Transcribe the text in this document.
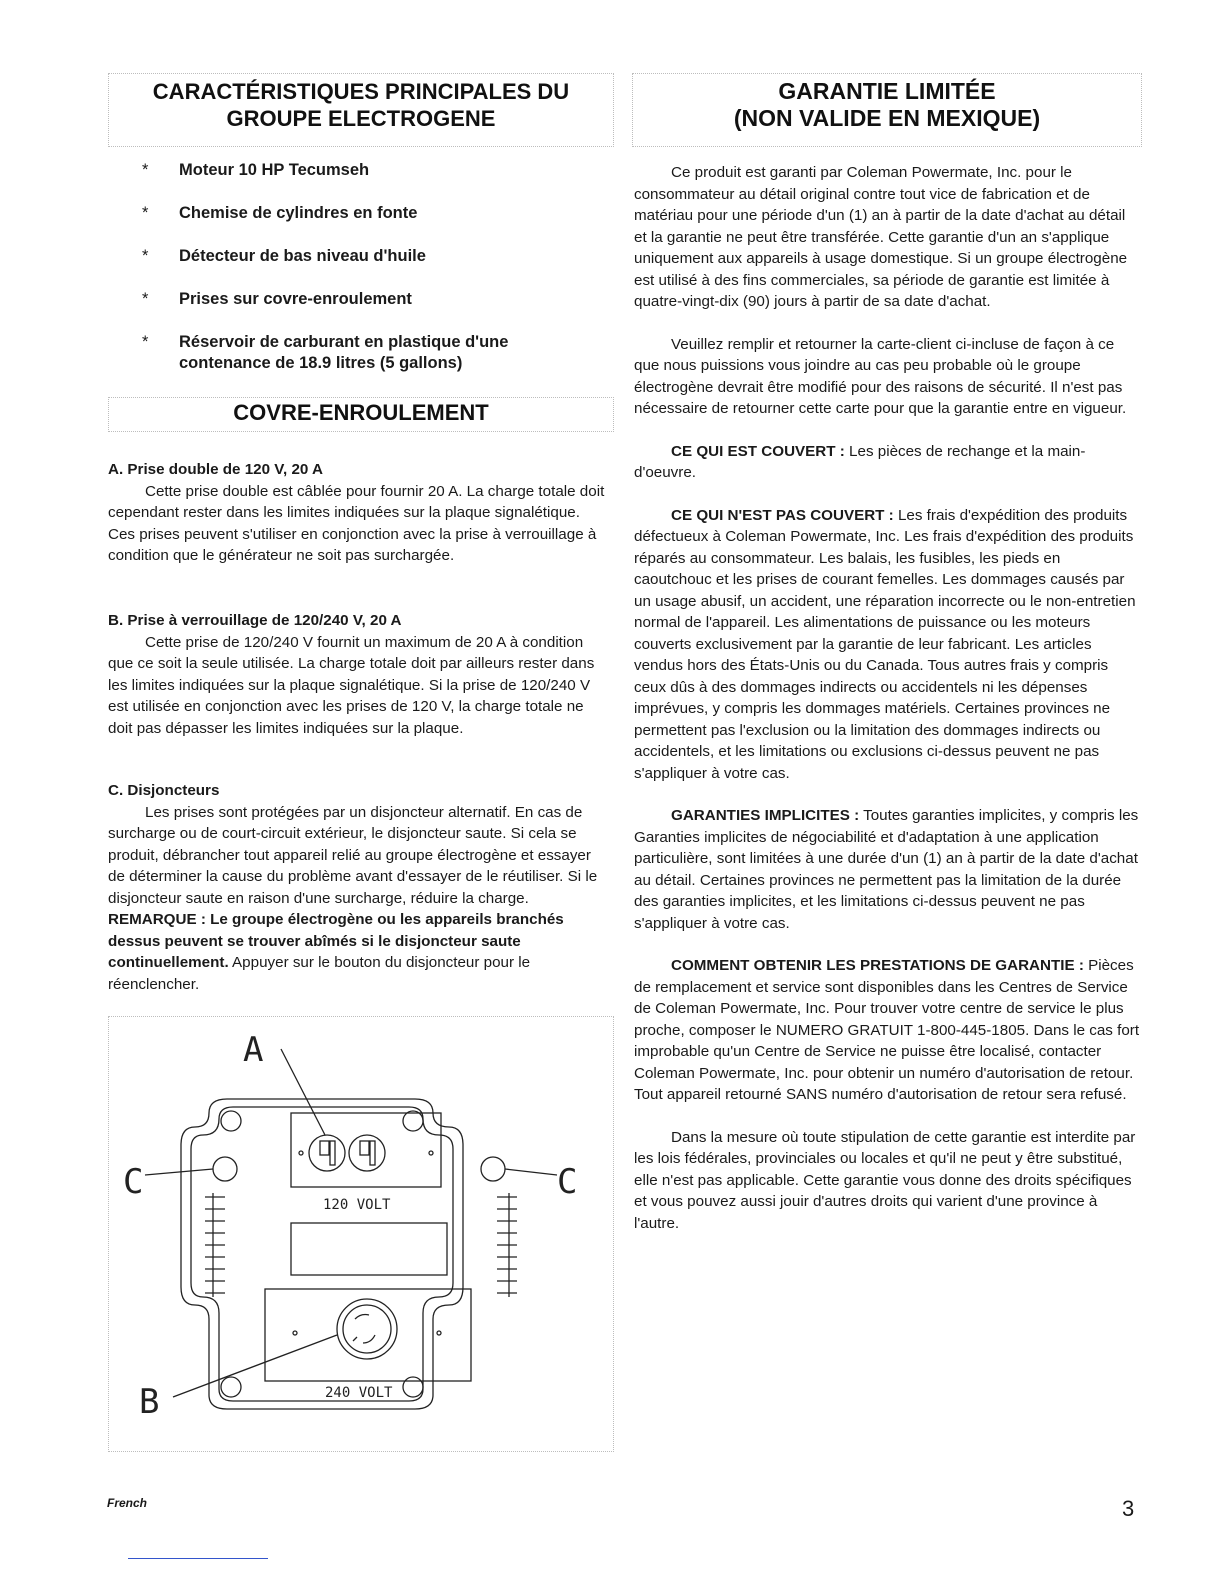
CARACTÉRISTIQUES PRINCIPALES DU
GROUPE ELECTROGENE
* Moteur 10 HP Tecumseh
* Chemise de cylindres en fonte
* Détecteur de bas niveau d'huile
* Prises sur covre-enroulement
* Réservoir de carburant en plastique d'une contenance de 18.9 litres (5 gallons)
COVRE-ENROULEMENT
A. Prise double de 120 V, 20 A

Cette prise double est câblée pour fournir 20 A. La charge totale doit cependant rester dans les limites indiquées sur la plaque signalétique. Ces prises peuvent s'utiliser en conjonction avec la prise à verrouillage à condition que le générateur ne soit pas surchargée.

B. Prise à verrouillage de 120/240 V, 20 A

Cette prise de 120/240 V fournit un maximum de 20 A à condition que ce soit la seule utilisée. La charge totale doit par ailleurs rester dans les limites indiquées sur la plaque signalétique. Si la prise de 120/240 V est utilisée en conjonction avec les prises de 120 V, la charge totale ne doit pas dépasser les limites indiquées sur la plaque.

C. Disjoncteurs

Les prises sont protégées par un disjoncteur alternatif. En cas de surcharge ou de court-circuit extérieur, le disjoncteur saute. Si cela se produit, débrancher tout appareil relié au groupe électrogène et essayer de déterminer la cause du problème avant d'essayer de le réutiliser. Si le disjoncteur saute en raison d'une surcharge, réduire la charge.

REMARQUE : Le groupe électrogène ou les appareils branchés dessus peuvent se trouver abîmés si le disjoncteur saute continuellement. Appuyer sur le bouton du disjoncteur pour le réenclencher.
A
C	C
B
120 VOLT
240 VOLT
GARANTIE LIMITÉE
(NON VALIDE EN MEXIQUE)

Ce produit est garanti par Coleman Powermate, Inc. pour le consommateur au détail original contre tout vice de fabrication et de matériau pour une période d'un (1) an à partir de la date d'achat au détail et la garantie ne peut être transférée. Cette garantie d'un an s'applique uniquement aux appareils à usage domestique. Si un groupe électrogène est utilisé à des fins commerciales, sa période de garantie est limitée à quatre-vingt-dix (90) jours à partir de sa date d'achat.

Veuillez remplir et retourner la carte-client ci-incluse de façon à ce que nous puissions vous joindre au cas peu probable où le groupe électrogène devrait être modifié pour des raisons de sécurité. Il n'est pas nécessaire de retourner cette carte pour que la garantie entre en vigueur.

CE QUI EST COUVERT : Les pièces de rechange et la main-d'oeuvre.

CE QUI N'EST PAS COUVERT : Les frais d'expédition des produits défectueux à Coleman Powermate, Inc. Les frais d'expédition des produits réparés au consommateur. Les balais, les fusibles, les pieds en caoutchouc et les prises de courant femelles. Les dommages causés par un usage abusif, un accident, une réparation incorrecte ou le non-entretien normal de l'appareil. Les alimentations de puissance ou les moteurs couverts exclusivement par la garantie de leur fabricant. Les articles vendus hors des États-Unis ou du Canada. Tous autres frais y compris ceux dûs à des dommages indirects ou accidentels ni les dépenses imprévues, y compris les dommages matériels. Certaines provinces ne permettent pas l'exclusion ou la limitation des dommages indirects ou accidentels, et les limitations ou exclusions ci-dessus peuvent ne pas s'appliquer à votre cas.

GARANTIES IMPLICITES : Toutes garanties implicites, y compris les Garanties implicites de négociabilité et d'adaptation à une application particulière, sont limitées à une durée d'un (1) an à partir de la date d'achat au détail. Certaines provinces ne permettent pas la limitation de la durée des garanties implicites, et les limitations ci-dessus peuvent ne pas s'appliquer à votre cas.

COMMENT OBTENIR LES PRESTATIONS DE GARANTIE : Pièces de remplacement et service sont disponibles dans les Centres de Service de Coleman Powermate, Inc. Pour trouver votre centre de service le plus proche, composer le NUMERO GRATUIT 1-800-445-1805. Dans le cas fort improbable qu'un Centre de Service ne puisse être localisé, contacter Coleman Powermate, Inc. pour obtenir un numéro d'autorisation de retour. Tout appareil retourné SANS numéro d'autorisation de retour sera refusé.

Dans la mesure où toute stipulation de cette garantie est interdite par les lois fédérales, provinciales ou locales et qu'il ne peut y être substitué, elle n'est pas applicable. Cette garantie vous donne des droits spécifiques et vous pouvez aussi jouir d'autres droits qui varient d'une province à l'autre.

French	3
